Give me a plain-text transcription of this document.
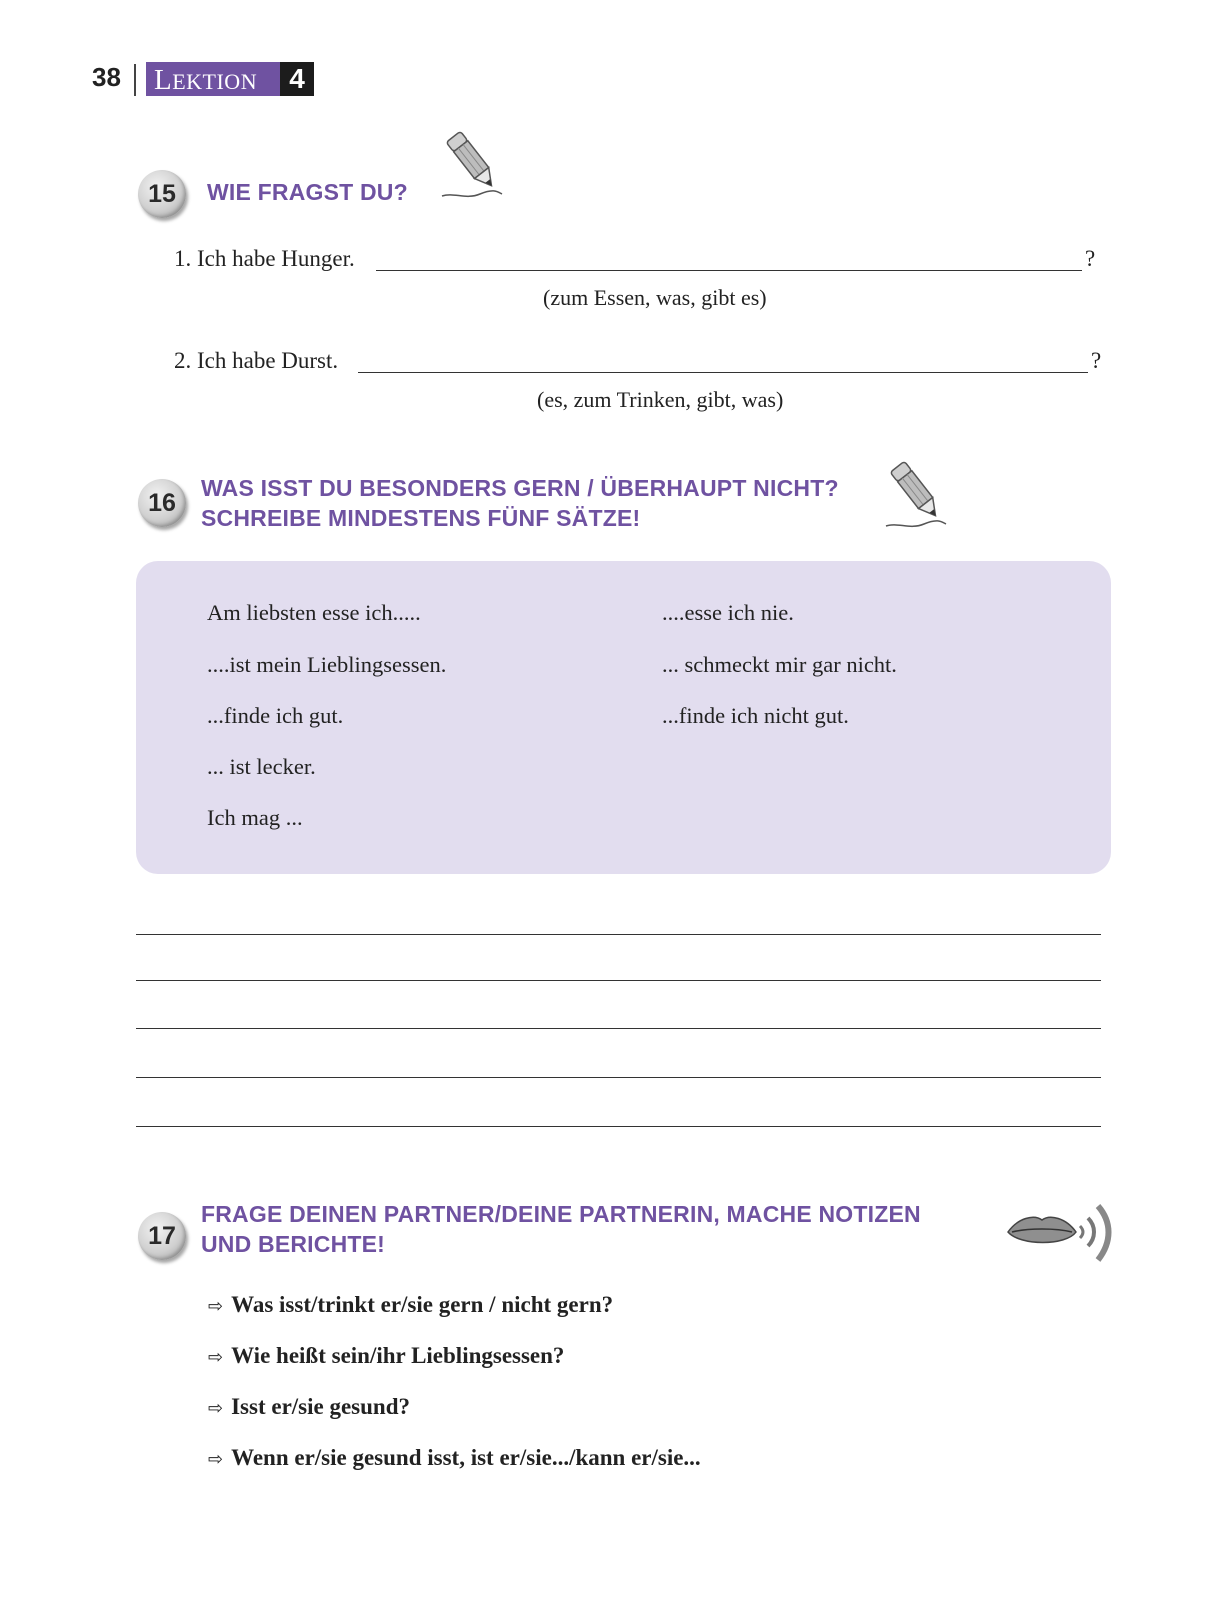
38 LEKTION	4
15	WIE FRAGST DU?
1. Ich habe Hunger.	?
(zum Essen, was, gibt es)
2. Ich habe Durst.	?
(es, zum Trinken, gibt, was)
16
WAS ISST DU BESONDERS GERN / ÜBERHAUPT NICHT?
SCHREIBE MINDESTENS FÜNF SÄTZE!
Am liebsten esse ich.....
....ist mein Lieblingsessen.
...finde ich gut.
... ist lecker.
Ich mag ...
....esse ich nie.
... schmeckt mir gar nicht.
...finde ich nicht gut.
17
FRAGE DEINEN PARTNER/DEINE PARTNERIN, MACHE NOTIZEN
UND BERICHTE!
⇨ Was isst/trinkt er/sie gern / nicht gern?
⇨ Wie heißt sein/ihr Lieblingsessen?
⇨ Isst er/sie gesund?
⇨ Wenn er/sie gesund isst, ist er/sie.../kann er/sie...
